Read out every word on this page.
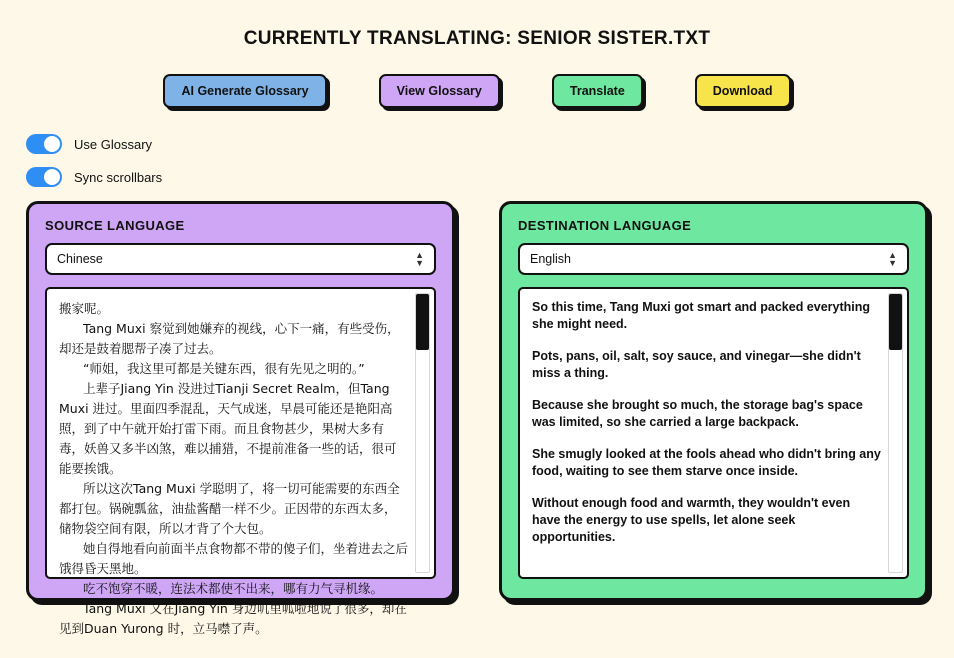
CURRENTLY TRANSLATING: SENIOR SISTER.TXT
AI Generate Glossary	View Glossary	Translate	Download
Use Glossary
Sync scrollbars
SOURCE LANGUAGE
Chinese	▲
▼

搬家呢。

Tang Muxi 察觉到她嫌弃的视线，心下一痛，有些受伤，却还是鼓着腮帮子凑了过去。

“师姐，我这里可都是关键东西，很有先见之明的。”

上辈子Jiang Yin 没进过Tianji Secret Realm，但Tang Muxi 进过。里面四季混乱，天气成迷，早晨可能还是艳阳高照，到了中午就开始打雷下雨。而且食物甚少，果树大多有毒，妖兽又多半凶煞，难以捕猎，不提前准备一些的话，很可能要挨饿。

所以这次Tang Muxi 学聪明了，将一切可能需要的东西全都打包。锅碗瓢盆，油盐酱醋一样不少。正因带的东西太多，储物袋空间有限，所以才背了个大包。

她自得地看向前面半点食物都不带的傻子们，坐着进去之后饿得昏天黑地。

吃不饱穿不暖，连法术都使不出来，哪有力气寻机缘。

Tang Muxi 又在Jiang Yin 身边叽里呱啦地说了很多，却在见到Duan Yurong 时，立马噤了声。

DESTINATION LANGUAGE
English	▲
▼

So this time, Tang Muxi got smart and packed everything she might need.

Pots, pans, oil, salt, soy sauce, and vinegar—she didn't miss a thing.

Because she brought so much, the storage bag's space was limited, so she carried a large backpack.

She smugly looked at the fools ahead who didn't bring any food, waiting to see them starve once inside.

Without enough food and warmth, they wouldn't even have the energy to use spells, let alone seek opportunities.
